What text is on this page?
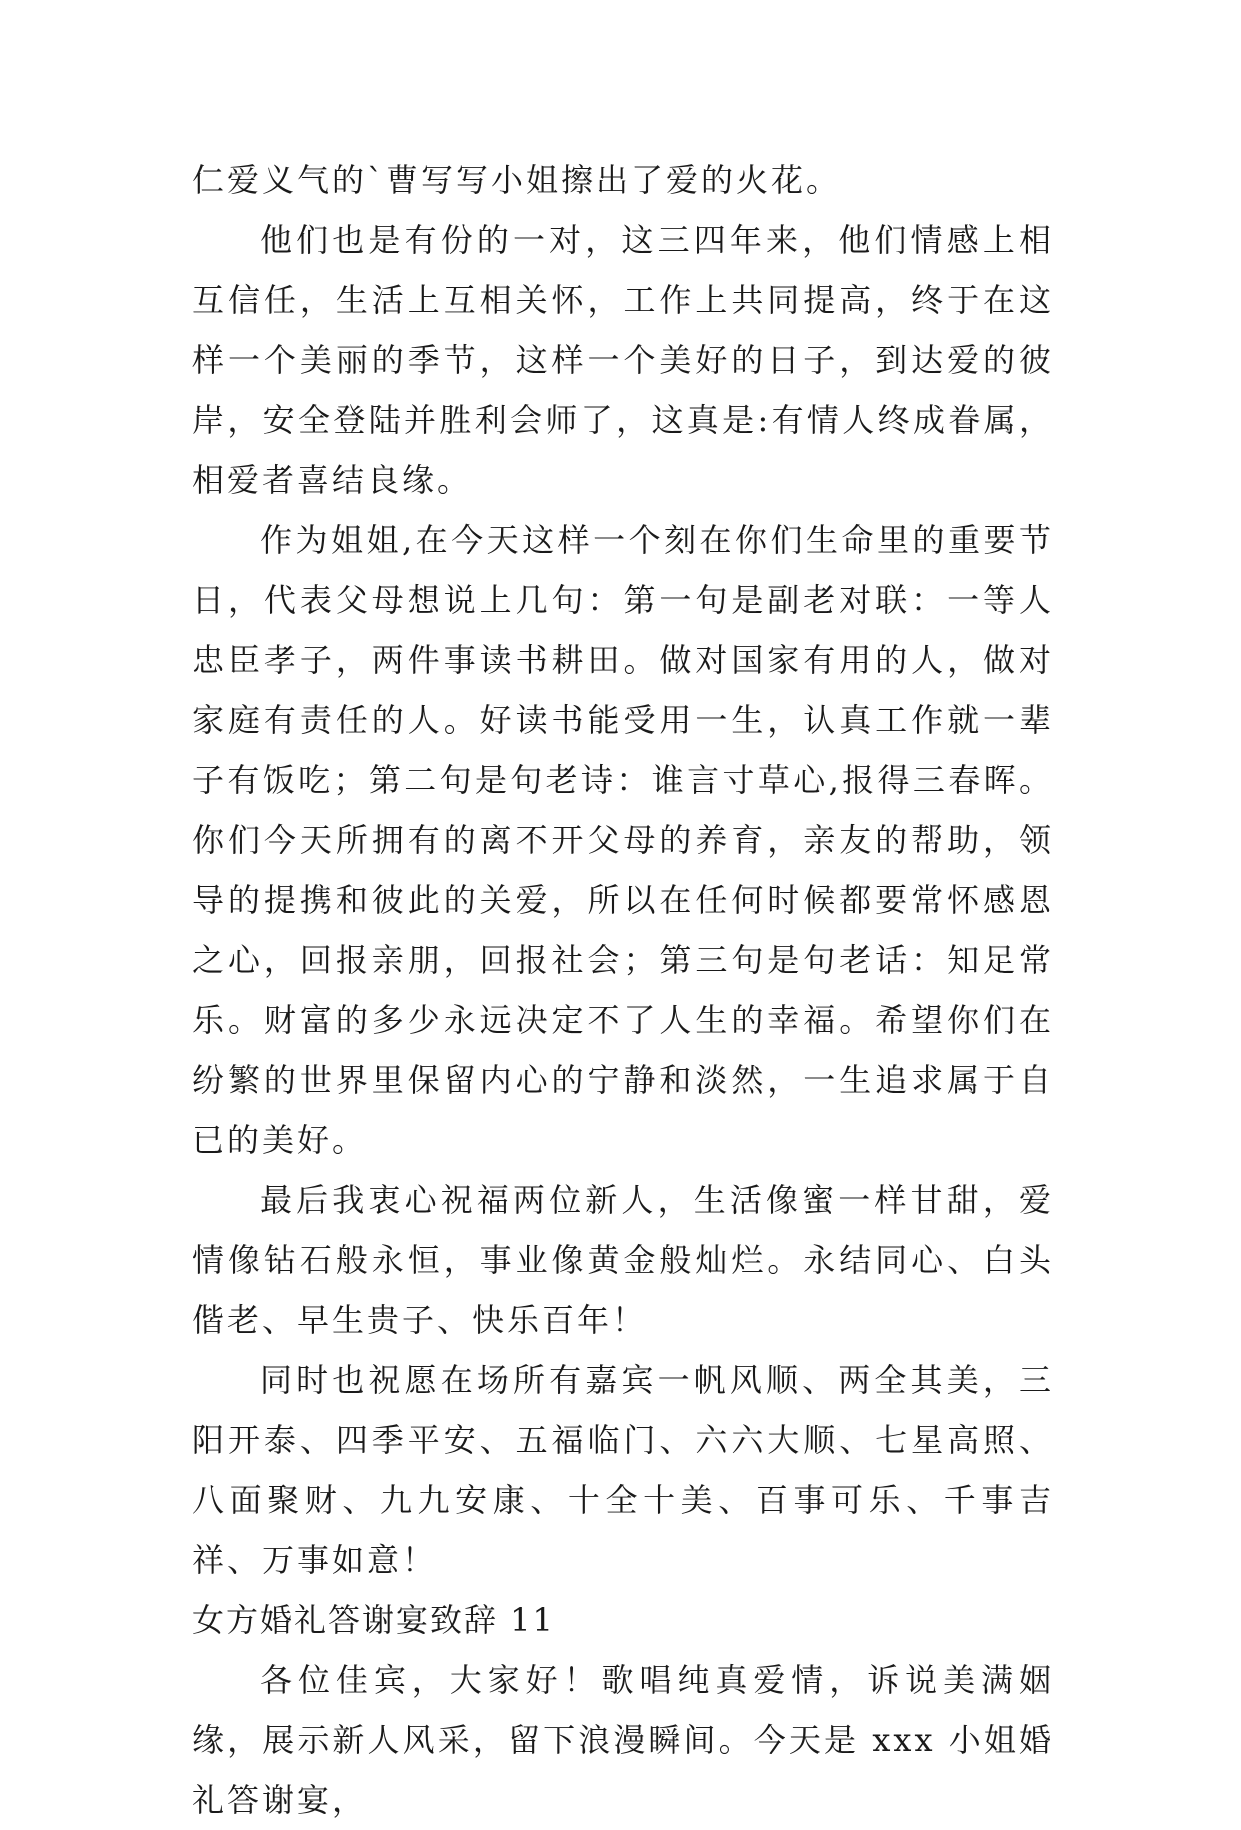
仁爱义气的`曹写写小姐擦出了爱的火花。

他们也是有份的一对，这三四年来，他们情感上相互信任，生活上互相关怀，工作上共同提高，终于在这样一个美丽的季节，这样一个美好的日子，到达爱的彼岸，安全登陆并胜利会师了，这真是:有情人终成眷属，相爱者喜结良缘。

作为姐姐,在今天这样一个刻在你们生命里的重要节日，代表父母想说上几句：第一句是副老对联：一等人忠臣孝子，两件事读书耕田。做对国家有用的人，做对家庭有责任的人。好读书能受用一生，认真工作就一辈子有饭吃；第二句是句老诗：谁言寸草心,报得三春晖。你们今天所拥有的离不开父母的养育，亲友的帮助，领导的提携和彼此的关爱，所以在任何时候都要常怀感恩之心，回报亲朋，回报社会；第三句是句老话：知足常乐。财富的多少永远决定不了人生的幸福。希望你们在纷繁的世界里保留内心的宁静和淡然，一生追求属于自已的美好。

最后我衷心祝福两位新人，生活像蜜一样甘甜，爱情像钻石般永恒，事业像黄金般灿烂。永结同心、白头偕老、早生贵子、快乐百年！

同时也祝愿在场所有嘉宾一帆风顺、两全其美，三阳开泰、四季平安、五福临门、六六大顺、七星高照、八面聚财、九九安康、十全十美、百事可乐、千事吉祥、万事如意！

女方婚礼答谢宴致辞 11

各位佳宾，大家好！歌唱纯真爱情，诉说美满姻缘，展示新人风采，留下浪漫瞬间。今天是 xxx 小姐婚礼答谢宴，
